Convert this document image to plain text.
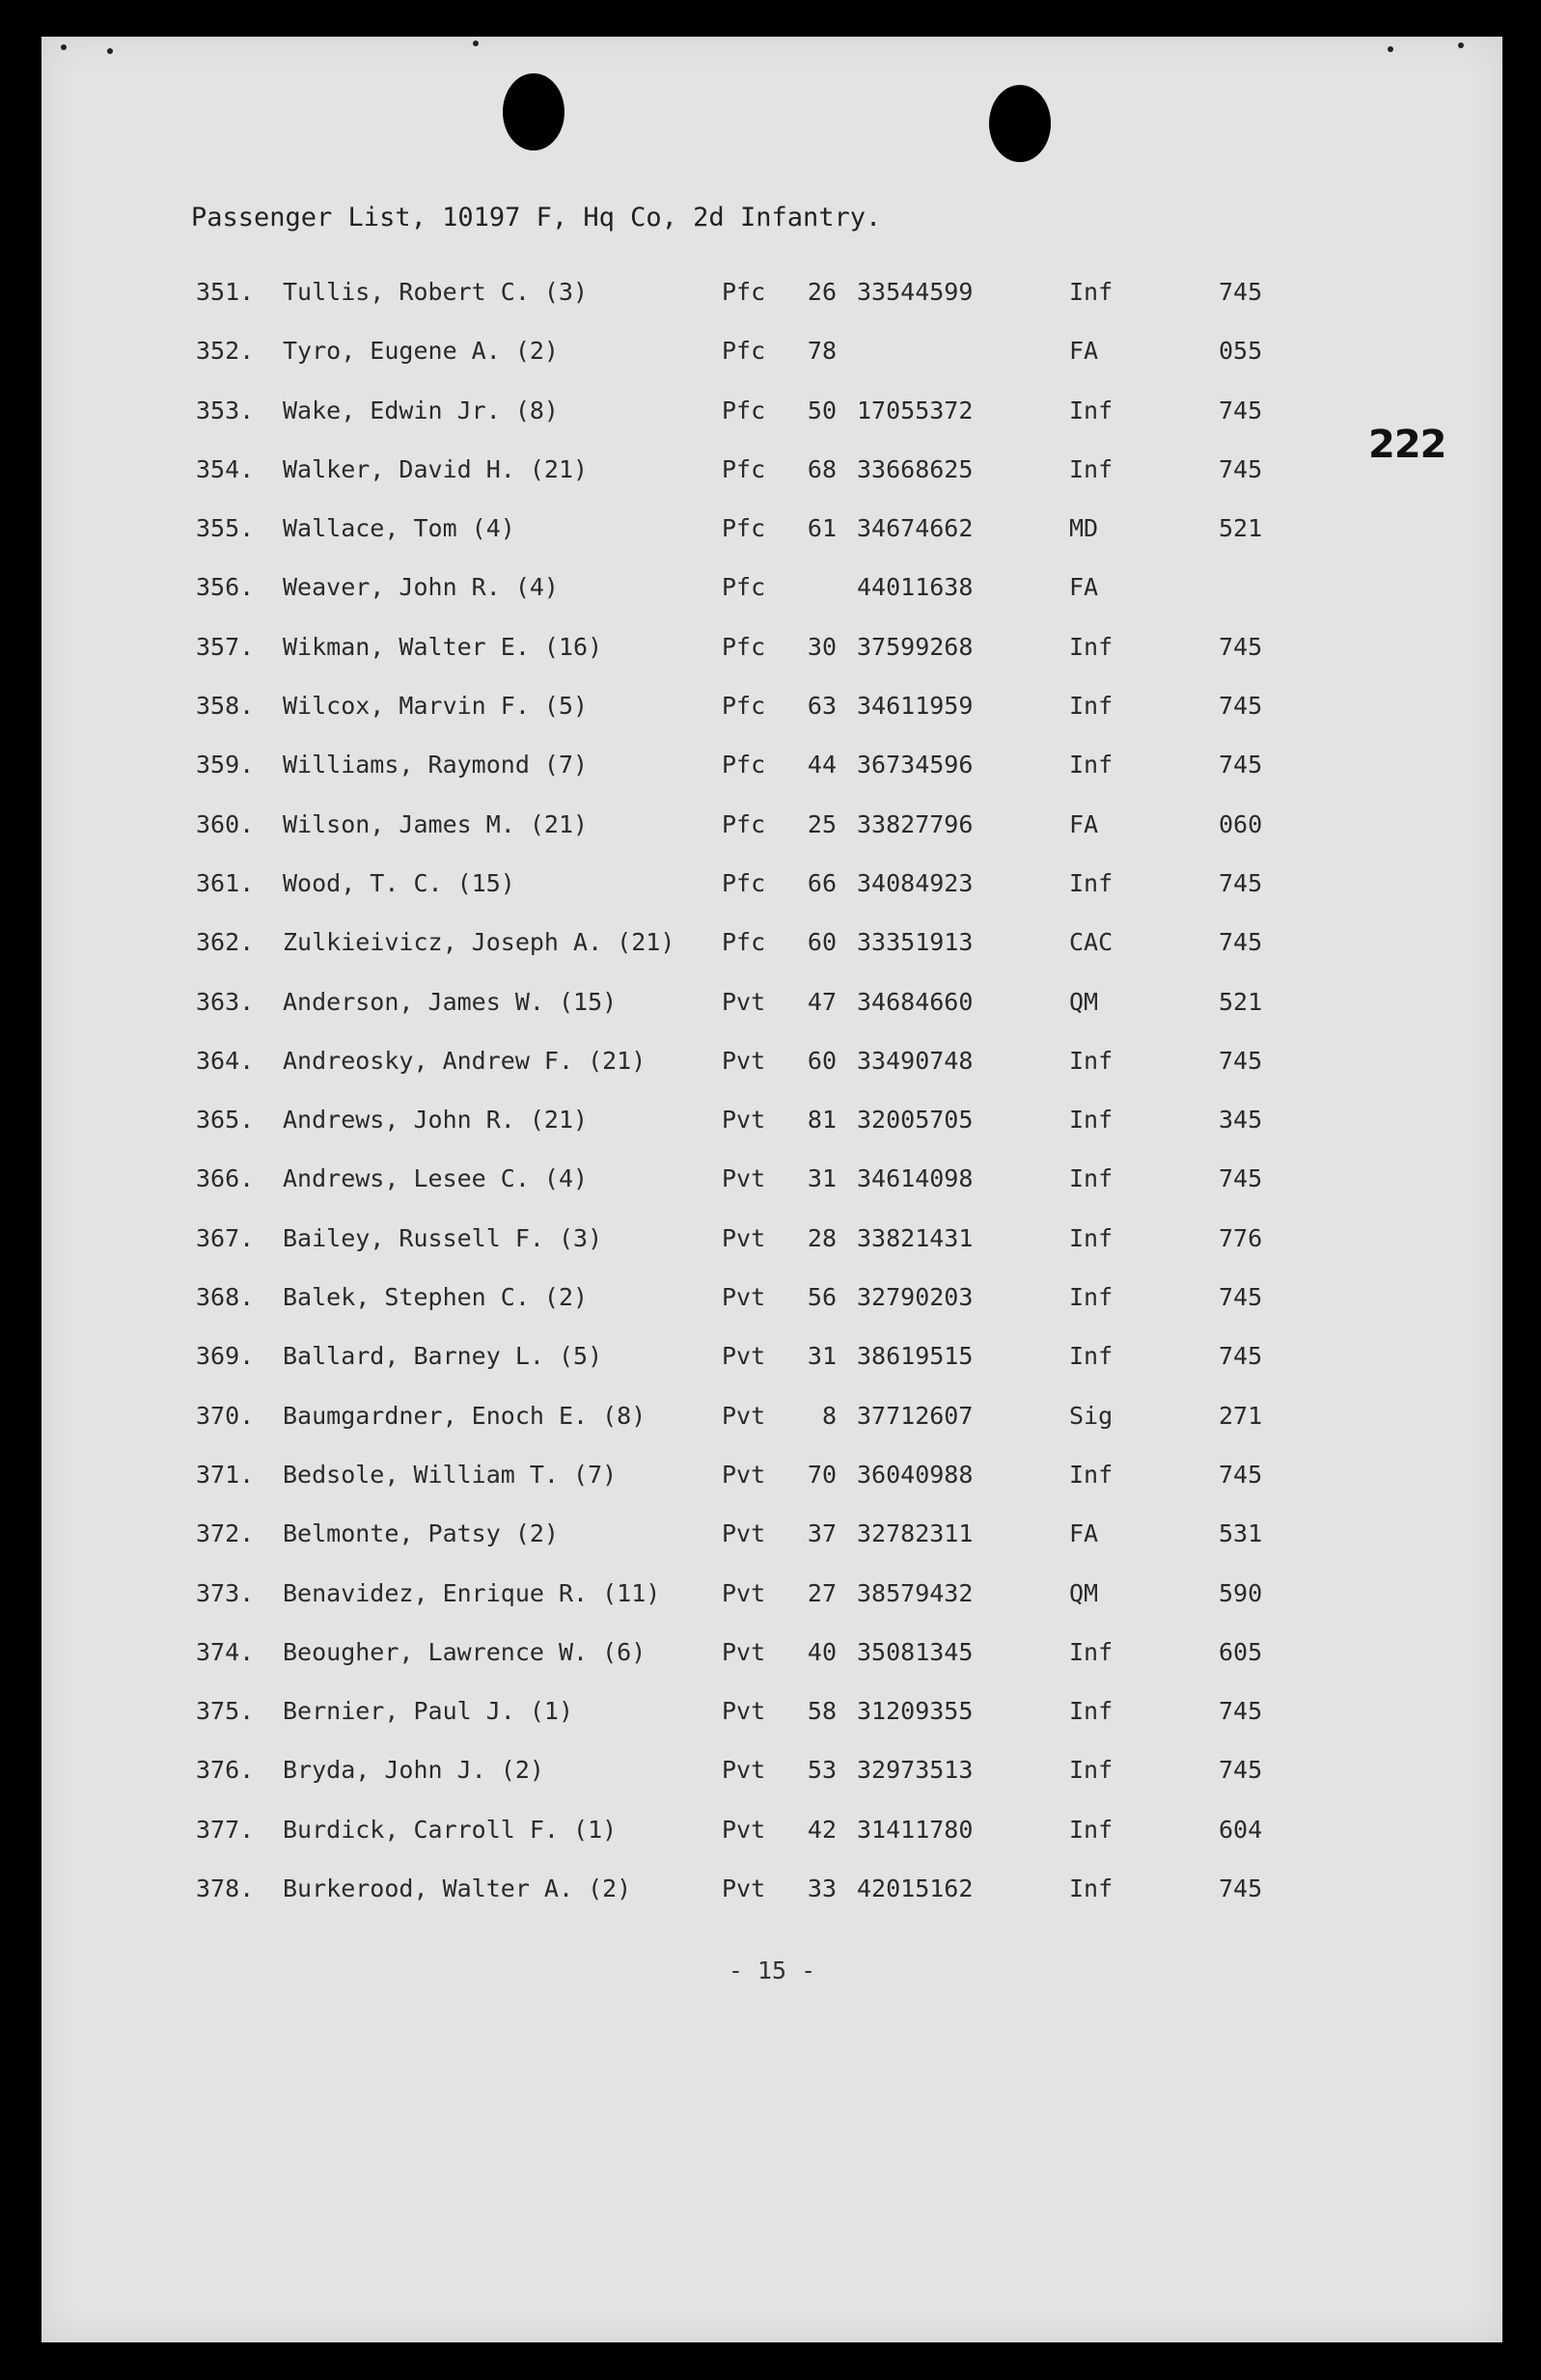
Passenger List, 10197 F, Hq Co, 2d Infantry.
222
351. Tullis, Robert C. (3)	Pfc	26 33544599	Inf	745
352. Tyro, Eugene A. (2)	Pfc	78	FA	055
353. Wake, Edwin Jr. (8)	Pfc	50 17055372	Inf	745
354. Walker, David H. (21)	Pfc	68 33668625	Inf	745
355. Wallace, Tom (4)	Pfc	61 34674662	MD	521
356. Weaver, John R. (4)	Pfc	44011638	FA
357. Wikman, Walter E. (16)	Pfc	30 37599268	Inf	745
358. Wilcox, Marvin F. (5)	Pfc	63 34611959	Inf	745
359. Williams, Raymond (7)	Pfc	44 36734596	Inf	745
360. Wilson, James M. (21)	Pfc	25 33827796	FA	060
361. Wood, T. C. (15)	Pfc	66 34084923	Inf	745
362. Zulkieivicz, Joseph A. (21) Pfc	60 33351913	CAC	745
363. Anderson, James W. (15)	Pvt	47 34684660	QM	521
364. Andreosky, Andrew F. (21)	Pvt	60 33490748	Inf	745
365. Andrews, John R. (21)	Pvt	81 32005705	Inf	345
366. Andrews, Lesee C. (4)	Pvt	31 34614098	Inf	745
367. Bailey, Russell F. (3)	Pvt	28 33821431	Inf	776
368. Balek, Stephen C. (2)	Pvt	56 32790203	Inf	745
369. Ballard, Barney L. (5)	Pvt	31 38619515	Inf	745
370. Baumgardner, Enoch E. (8)	Pvt	8 37712607	Sig	271
371. Bedsole, William T. (7)	Pvt	70 36040988	Inf	745
372. Belmonte, Patsy (2)	Pvt	37 32782311	FA	531
373. Benavidez, Enrique R. (11)	Pvt	27 38579432	QM	590
374. Beougher, Lawrence W. (6)	Pvt	40 35081345	Inf	605
375. Bernier, Paul J. (1)	Pvt	58 31209355	Inf	745
376. Bryda, John J. (2)	Pvt	53 32973513	Inf	745
377. Burdick, Carroll F. (1)	Pvt	42 31411780	Inf	604
378. Burkerood, Walter A. (2)	Pvt	33 42015162	Inf	745
- 15 -
